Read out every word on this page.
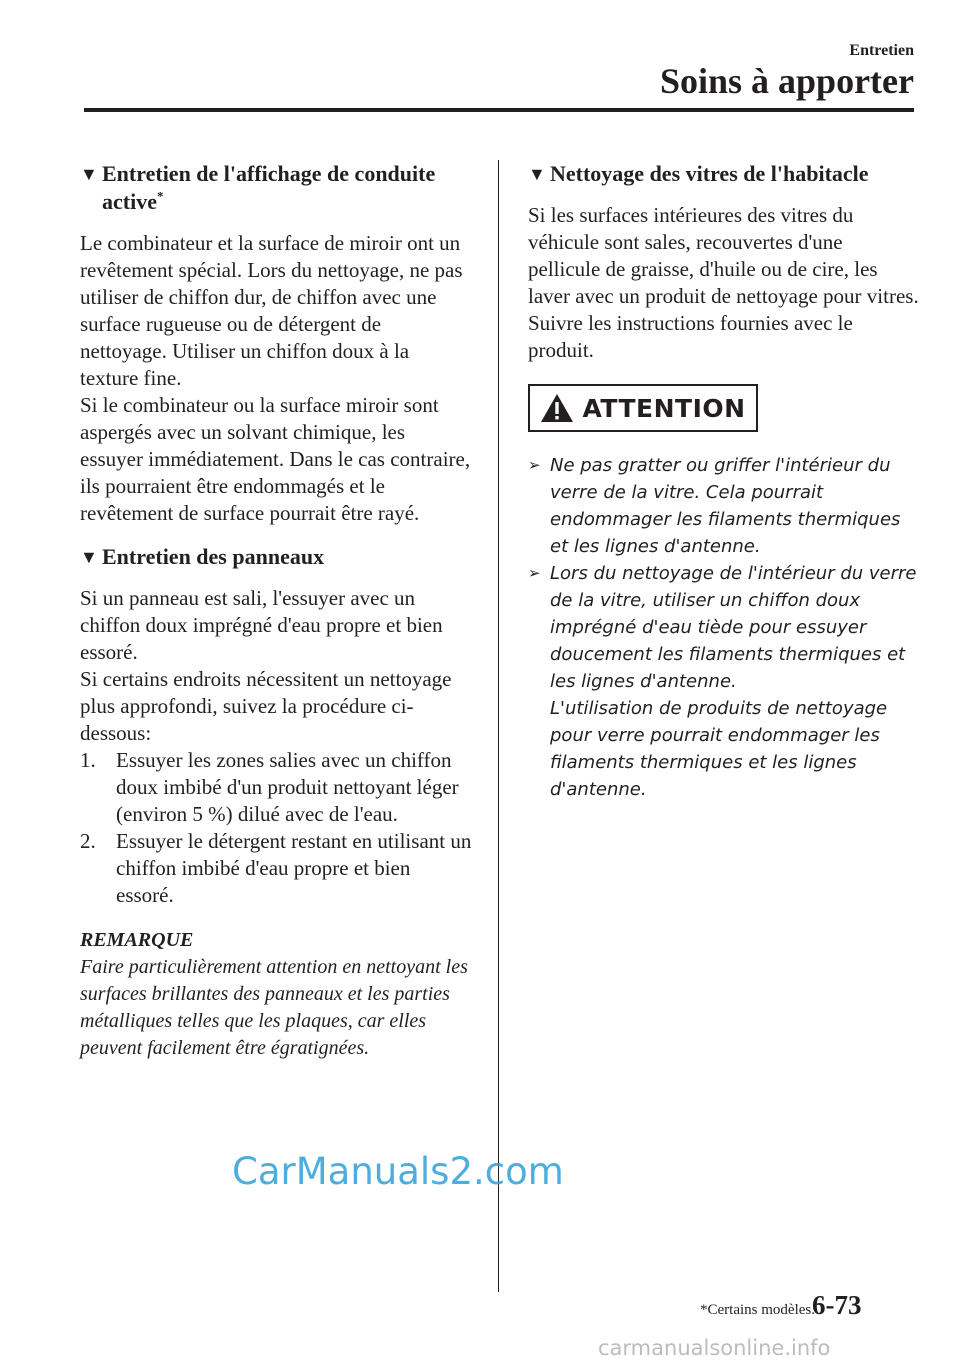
Entretien
Soins à apporter
▼ Entretien de l'affichage de conduite active*

Le combinateur et la surface de miroir ont un revêtement spécial. Lors du nettoyage, ne pas utiliser de chiffon dur, de chiffon avec une surface rugueuse ou de détergent de nettoyage. Utiliser un chiffon doux à la texture fine.

Si le combinateur ou la surface miroir sont aspergés avec un solvant chimique, les essuyer immédiatement. Dans le cas contraire, ils pourraient être endommagés et le revêtement de surface pourrait être rayé.

▼ Entretien des panneaux

Si un panneau est sali, l'essuyer avec un chiffon doux imprégné d'eau propre et bien essoré.

Si certains endroits nécessitent un nettoyage plus approfondi, suivez la procédure ci-dessous:

1. Essuyer les zones salies avec un chiffon doux imbibé d'un produit nettoyant léger (environ 5 %) dilué avec de l'eau.
2. Essuyer le détergent restant en utilisant un chiffon imbibé d'eau propre et bien essoré.
REMARQUE

Faire particulièrement attention en nettoyant les surfaces brillantes des panneaux et les parties métalliques telles que les plaques, car elles peuvent facilement être égratignées.

▼ Nettoyage des vitres de l'habitacle

Si les surfaces intérieures des vitres du véhicule sont sales, recouvertes d'une pellicule de graisse, d'huile ou de cire, les laver avec un produit de nettoyage pour vitres. Suivre les instructions fournies avec le produit.

ATTENTION
➢ Ne pas gratter ou griffer l'intérieur du verre de la vitre. Cela pourrait endommager les filaments thermiques et les lignes d'antenne.
➢ Lors du nettoyage de l'intérieur du verre de la vitre, utiliser un chiffon doux imprégné d'eau tiède pour essuyer doucement les filaments thermiques et les lignes d'antenne.
L'utilisation de produits de nettoyage pour verre pourrait endommager les filaments thermiques et les lignes d'antenne.
CarManuals2.com
*Certains modèles.
6-73
carmanualsonline.info
